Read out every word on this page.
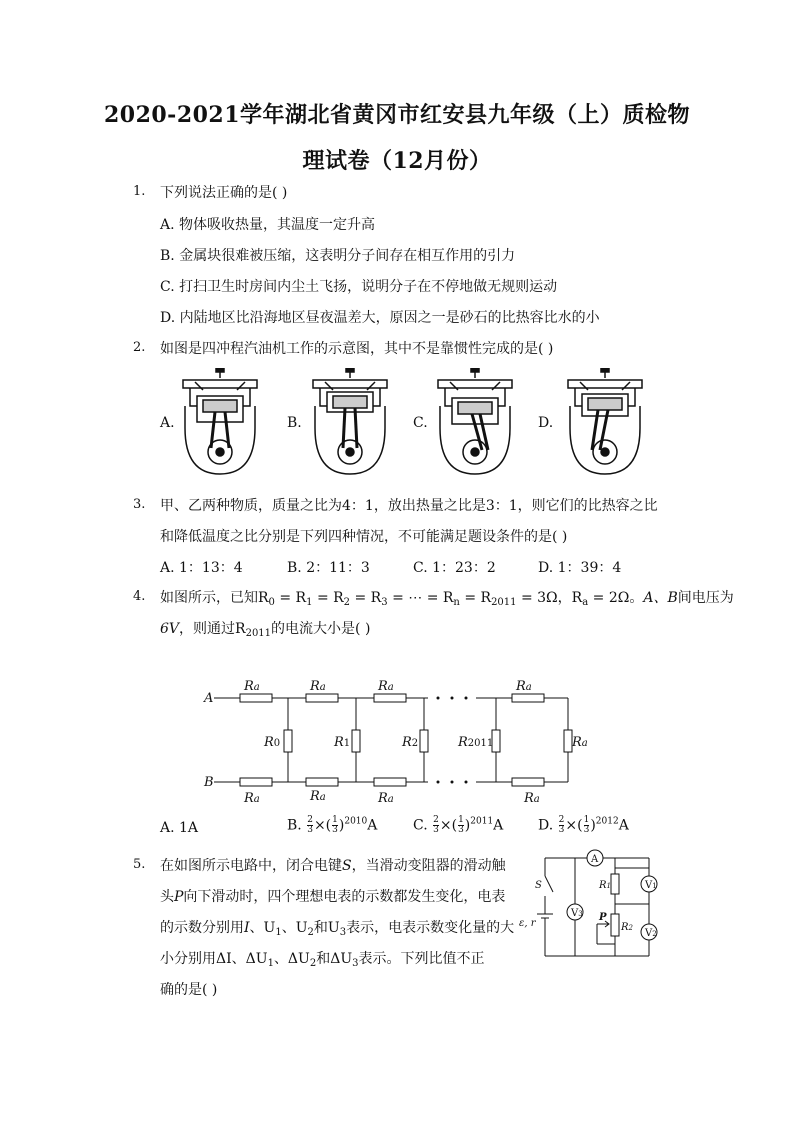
2020-2021学年湖北省黄冈市红安县九年级（上）质检物
理试卷（12月份）
1. 下列说法正确的是( )
A. 物体吸收热量，其温度一定升高
B. 金属块很难被压缩，这表明分子间存在相互作用的引力
C. 打扫卫生时房间内尘土飞扬，说明分子在不停地做无规则运动
D. 内陆地区比沿海地区昼夜温差大，原因之一是砂石的比热容比水的小
2. 如图是四冲程汽油机工作的示意图，其中不是靠惯性完成的是( )
A.	B.	C.	D.
3. 甲、乙两种物质，质量之比为4：1，放出热量之比是3：1，则它们的比热容之比
和降低温度之比分别是下列四种情况，不可能满足题设条件的是( )
A. 1：13：4	B. 2：11：3	C. 1：23：2	D. 1：39：4
4. 如图所示，已知$R_0 = R_1 = R_2 = R_3$ = ⋯ = $R_n = R_{2011} = 3\Omega$，$R_a = 2\Omega$。A、B间电压为
6V，则通过$R_{2011}$的电流大小是( )
A
B
Ra	Ra	Ra	Ra
Ra	Ra	Ra	Ra
R0	R1	R2	R2011	Ra
A. 1A	B. $\frac{2}{3}$ ×( $\frac{1}{3} )^{2010}A$	C. $\frac{2}{3}$ ×( $\frac{1}{3} )^{2011}A$ D. $\frac{2}{3}$ ×( $\frac{1}{3} )^{2012}A$
5. 在如图所示电路中，闭合电键S，当滑动变阻器的滑动触
头P向下滑动时，四个理想电表的示数都发生变化，电表
的示数分别用I、$U_1$、$U_2$和$U_3$表示，电表示数变化量的大
小分别用ΔI、$\Delta U_1$、$\Delta U_2$和$\Delta U_3$表示。下列比值不正
确的是( )
A
V3
V1
V2
R1
R2
P
S
ε, r
